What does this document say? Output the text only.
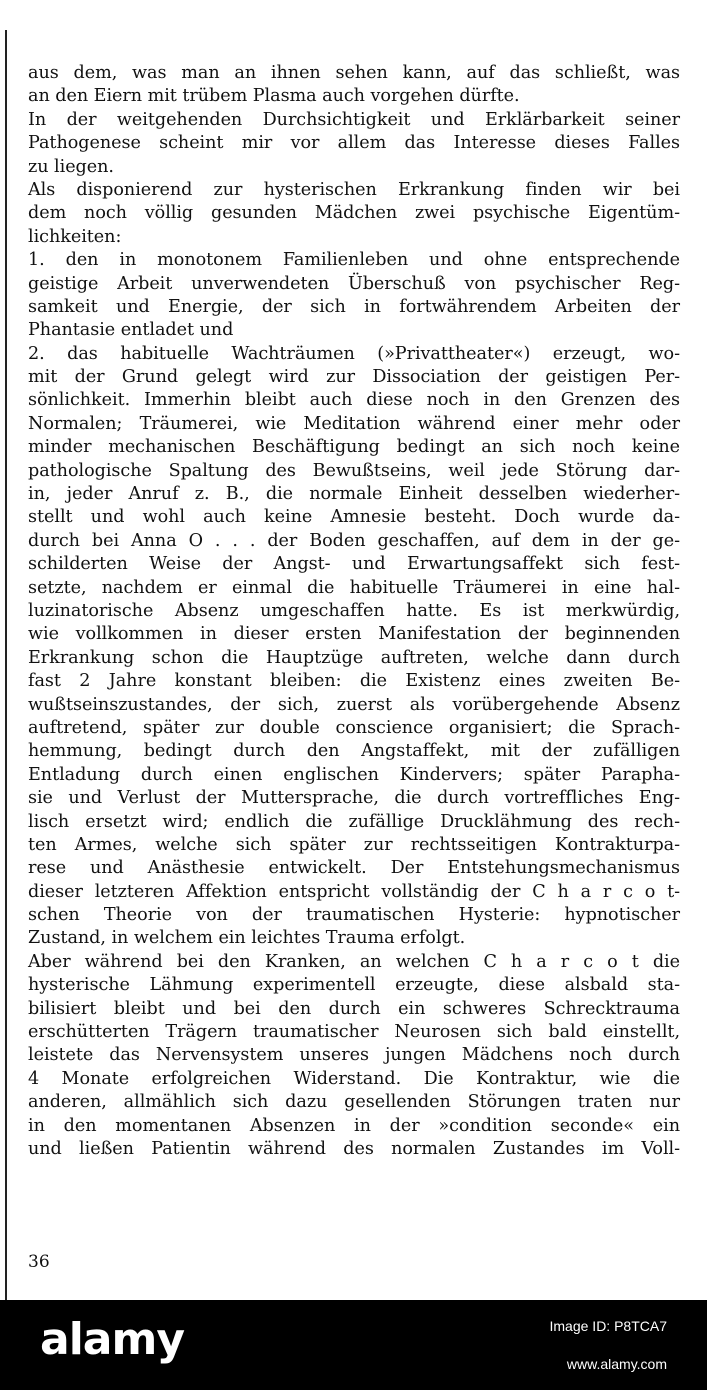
aus dem, was man an ihnen sehen kann, auf das schließt, was
an den Eiern mit trübem Plasma auch vorgehen dürfte.
In der weitgehenden Durchsichtigkeit und Erklärbarkeit seiner
Pathogenese scheint mir vor allem das Interesse dieses Falles
zu liegen.
Als disponierend zur hysterischen Erkrankung finden wir bei
dem noch völlig gesunden Mädchen zwei psychische Eigentüm-
lichkeiten:
1. den in monotonem Familienleben und ohne entsprechende
geistige Arbeit unverwendeten Überschuß von psychischer Reg-
samkeit und Energie, der sich in fortwährendem Arbeiten der
Phantasie entladet und
2. das habituelle Wachträumen (»Privattheater«) erzeugt, wo-
mit der Grund gelegt wird zur Dissociation der geistigen Per-
sönlichkeit. Immerhin bleibt auch diese noch in den Grenzen des
Normalen; Träumerei, wie Meditation während einer mehr oder
minder mechanischen Beschäftigung bedingt an sich noch keine
pathologische Spaltung des Bewußtseins, weil jede Störung dar-
in, jeder Anruf z. B., die normale Einheit desselben wiederher-
stellt und wohl auch keine Amnesie besteht. Doch wurde da-
durch bei Anna O . . . der Boden geschaffen, auf dem in der ge-
schilderten Weise der Angst- und Erwartungsaffekt sich fest-
setzte, nachdem er einmal die habituelle Träumerei in eine hal-
luzinatorische Absenz umgeschaffen hatte. Es ist merkwürdig,
wie vollkommen in dieser ersten Manifestation der beginnenden
Erkrankung schon die Hauptzüge auftreten, welche dann durch
fast 2 Jahre konstant bleiben: die Existenz eines zweiten Be-
wußtseinszustandes, der sich, zuerst als vorübergehende Absenz
auftretend, später zur double conscience organisiert; die Sprach-
hemmung, bedingt durch den Angstaffekt, mit der zufälligen
Entladung durch einen englischen Kindervers; später Paraphа-
sie und Verlust der Muttersprache, die durch vortreffliches Eng-
lisch ersetzt wird; endlich die zufällige Drucklähmung des rech-
ten Armes, welche sich später zur rechtsseitigen Kontrakturpa-
rese und Anästhesie entwickelt. Der Entstehungsmechanismus
dieser letzteren Affektion entspricht vollständig der C h a r c o t-
schen Theorie von der traumatischen Hysterie: hypnotischer
Zustand, in welchem ein leichtes Trauma erfolgt.
Aber während bei den Kranken, an welchen C h a r c o t die
hysterische Lähmung experimentell erzeugte, diese alsbald sta-
bilisiert bleibt und bei den durch ein schweres Schrecktrauma
erschütterten Trägern traumatischer Neurosen sich bald einstellt,
leistete das Nervensystem unseres jungen Mädchens noch durch
4 Monate erfolgreichen Widerstand. Die Kontraktur, wie die
anderen, allmählich sich dazu gesellenden Störungen traten nur
in den momentanen Absenzen in der »condition seconde« ein
und ließen Patientin während des normalen Zustandes im Voll-
36
alamy	Image ID: P8TCA7
www.alamy.com
